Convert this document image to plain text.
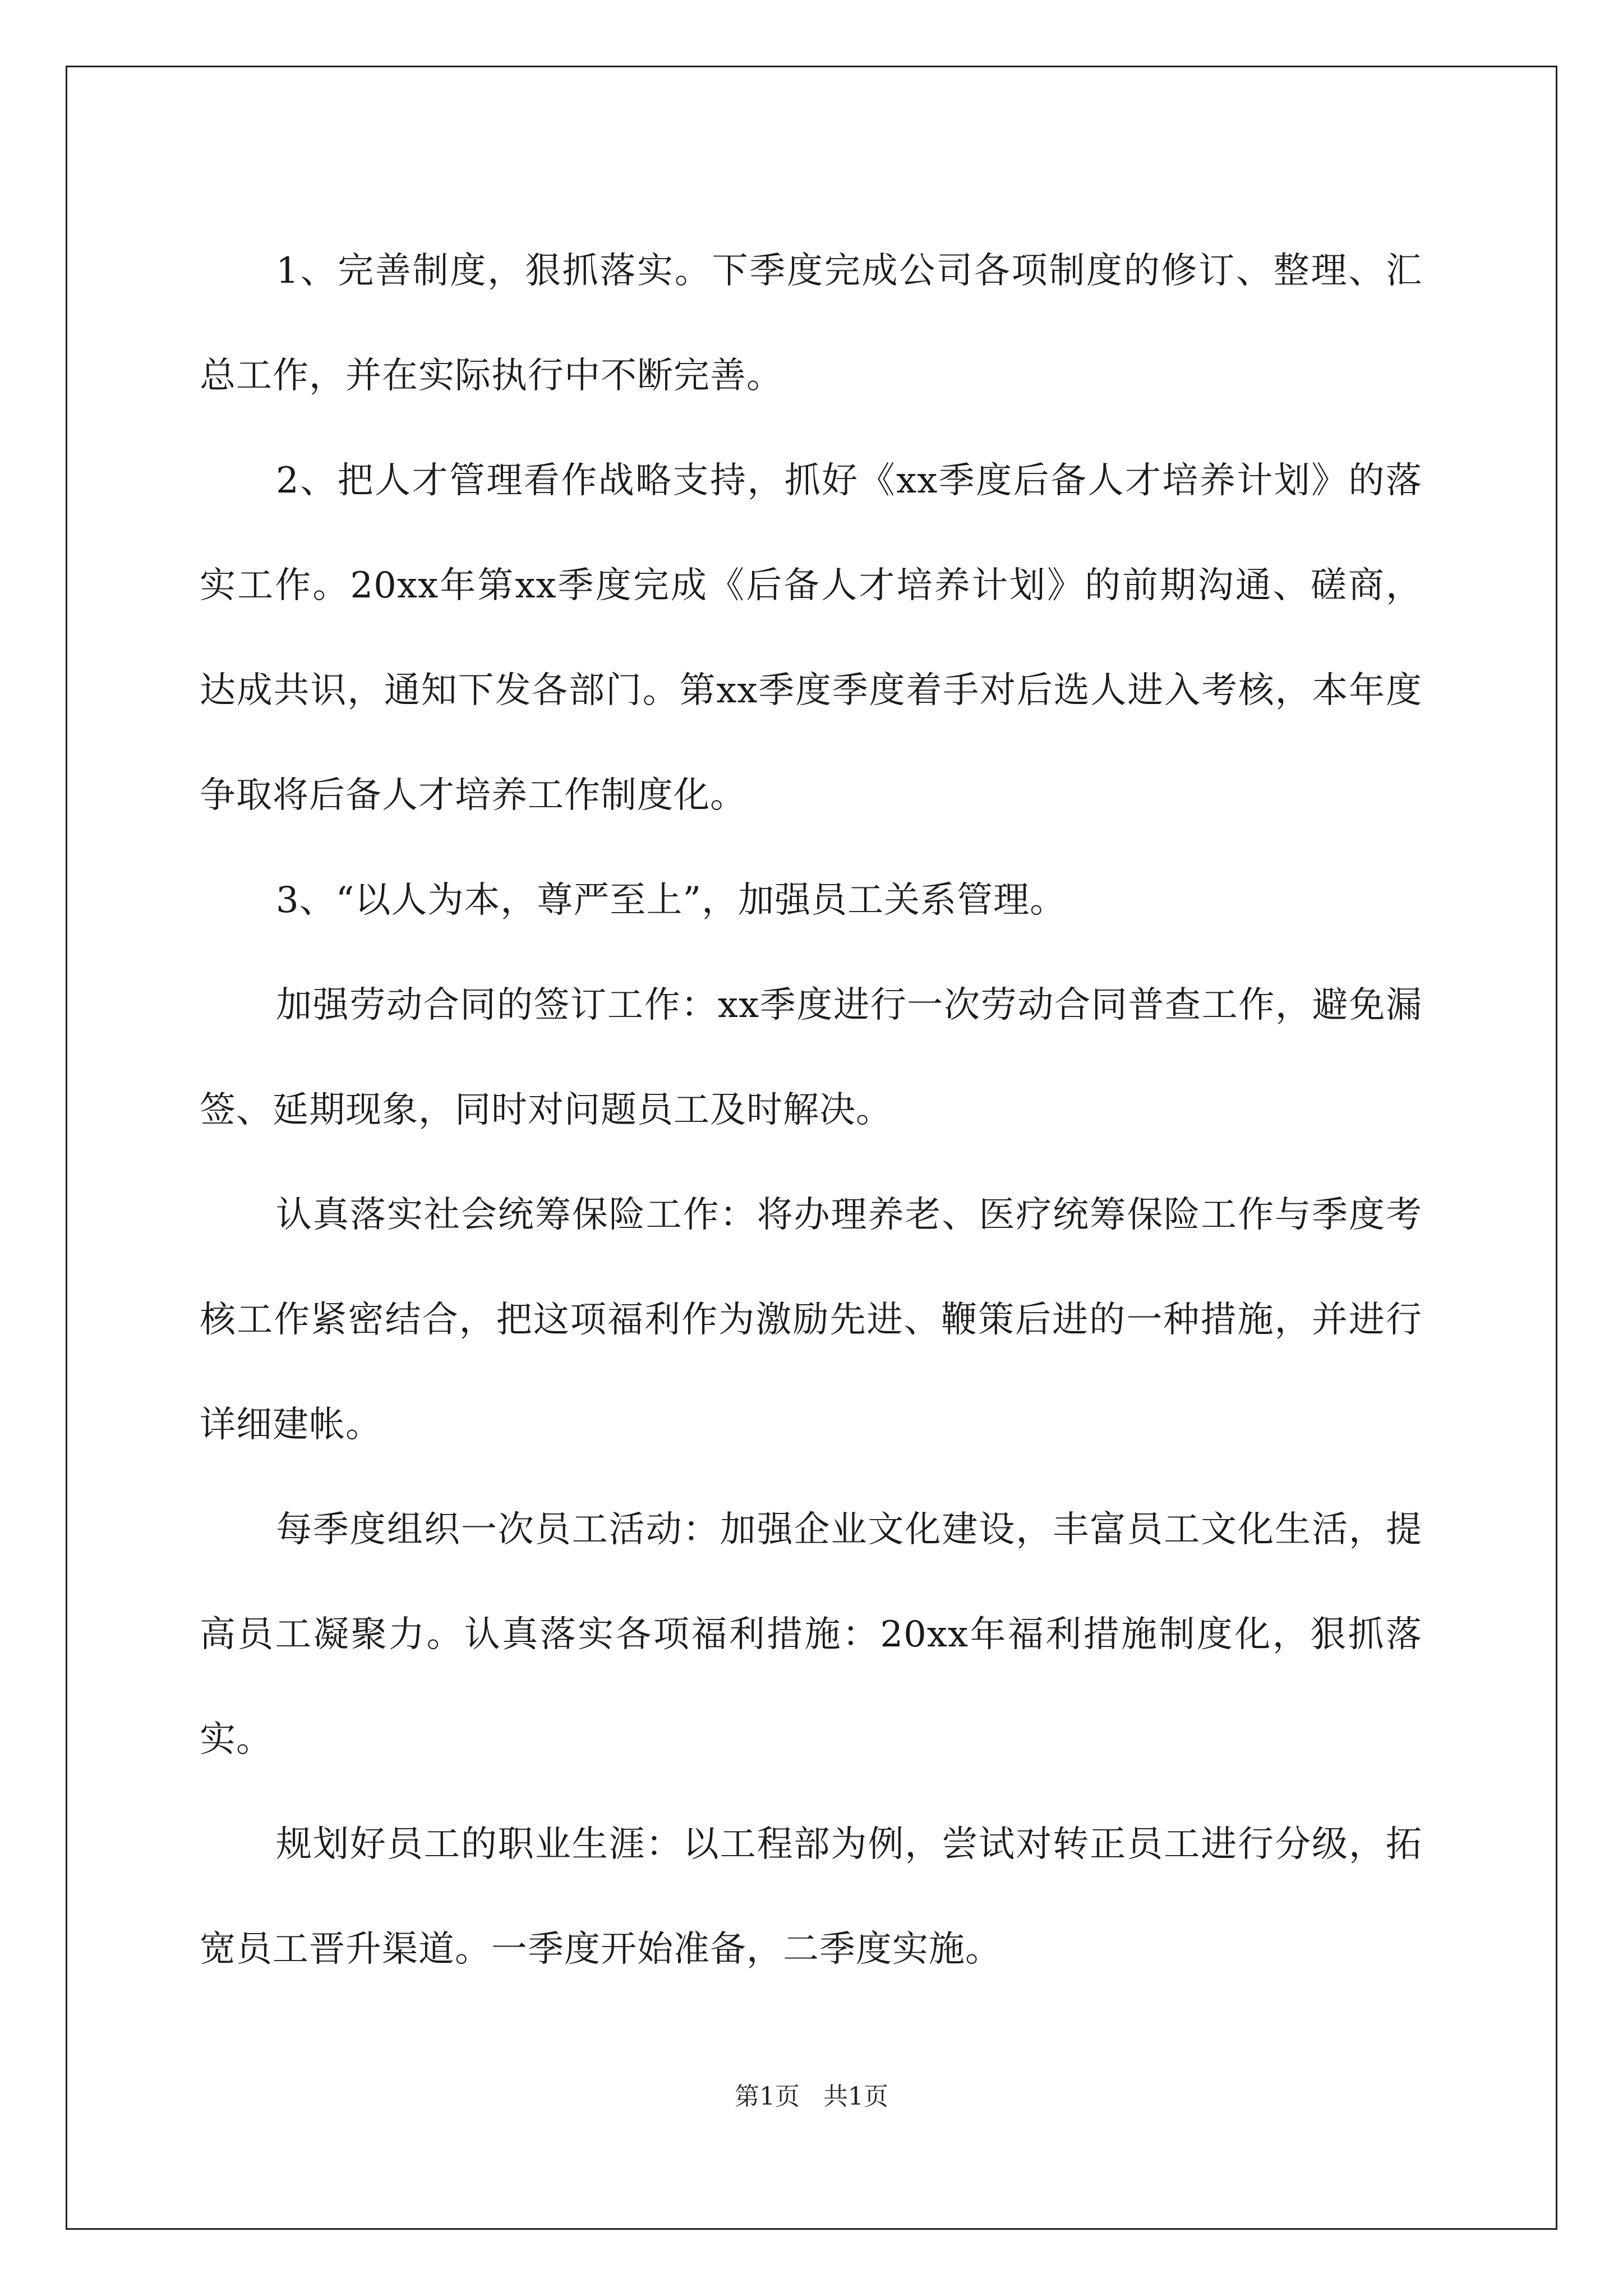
1、完善制度，狠抓落实。下季度完成公司各项制度的修订、整理、汇总工作，并在实际执行中不断完善。

2、把人才管理看作战略支持，抓好《xx季度后备人才培养计划》的落实工作。20xx年第xx季度完成《后备人才培养计划》的前期沟通、磋商，达成共识，通知下发各部门。第xx季度季度着手对后选人进入考核，本年度争取将后备人才培养工作制度化。

3、“以人为本，尊严至上”，加强员工关系管理。

加强劳动合同的签订工作：xx季度进行一次劳动合同普查工作，避免漏签、延期现象，同时对问题员工及时解决。

认真落实社会统筹保险工作：将办理养老、医疗统筹保险工作与季度考核工作紧密结合，把这项福利作为激励先进、鞭策后进的一种措施，并进行详细建帐。

每季度组织一次员工活动：加强企业文化建设，丰富员工文化生活，提高员工凝聚力。认真落实各项福利措施：20xx年福利措施制度化，狠抓落实。

规划好员工的职业生涯：以工程部为例，尝试对转正员工进行分级，拓宽员工晋升渠道。一季度开始准备，二季度实施。

第1页 共1页
